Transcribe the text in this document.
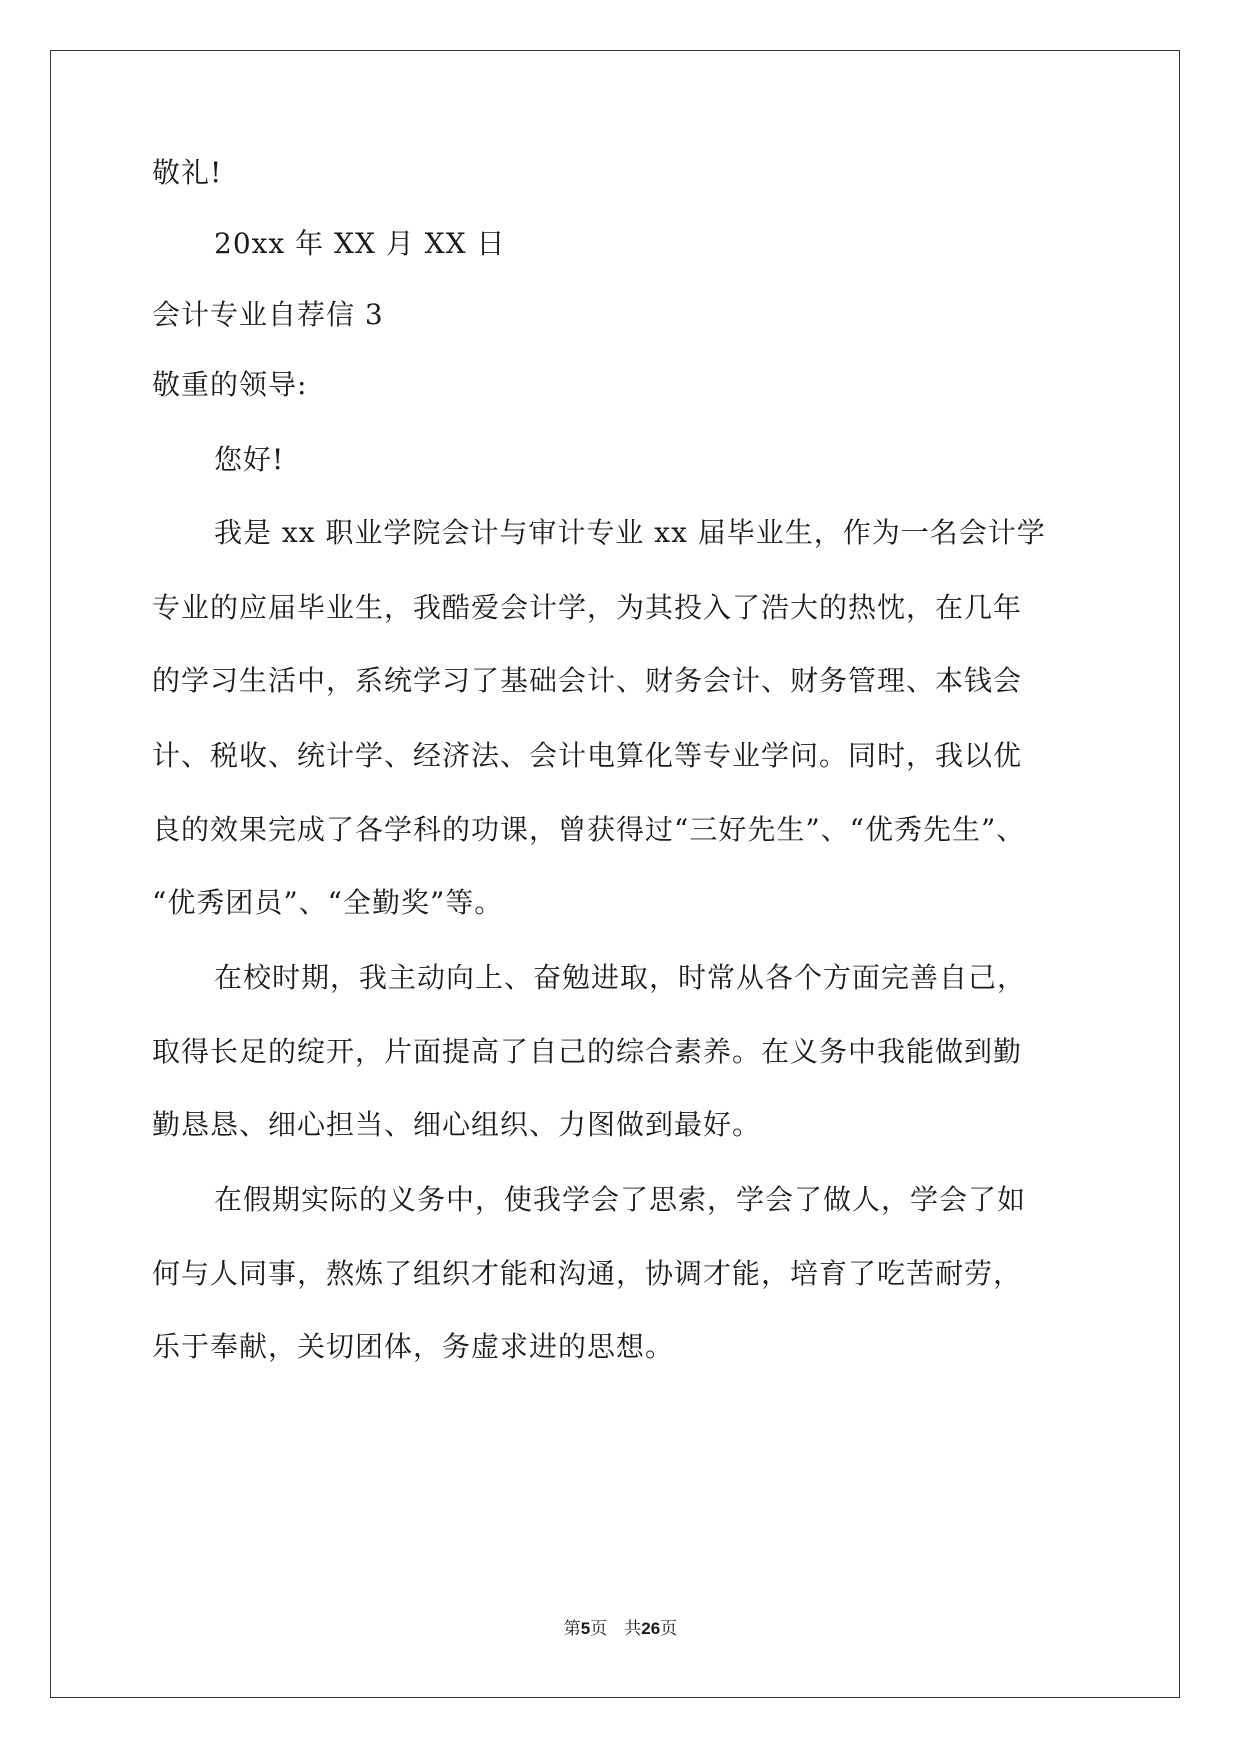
敬礼!
20xx 年 XX 月 XX 日
会计专业自荐信 3
敬重的领导:
您好!
我是 xx 职业学院会计与审计专业 xx 届毕业生，作为一名会计学
专业的应届毕业生，我酷爱会计学，为其投入了浩大的热忱，在几年
的学习生活中，系统学习了基础会计、财务会计、财务管理、本钱会
计、税收、统计学、经济法、会计电算化等专业学问。同时，我以优
良的效果完成了各学科的功课，曾获得过“三好先生”、“优秀先生”、
“优秀团员”、“全勤奖”等。
在校时期，我主动向上、奋勉进取，时常从各个方面完善自己，
取得长足的绽开，片面提高了自己的综合素养。在义务中我能做到勤
勤恳恳、细心担当、细心组织、力图做到最好。
在假期实际的义务中，使我学会了思索，学会了做人，学会了如
何与人同事，熬炼了组织才能和沟通，协调才能，培育了吃苦耐劳，
乐于奉献，关切团体，务虚求进的思想。
第5页　共26页
